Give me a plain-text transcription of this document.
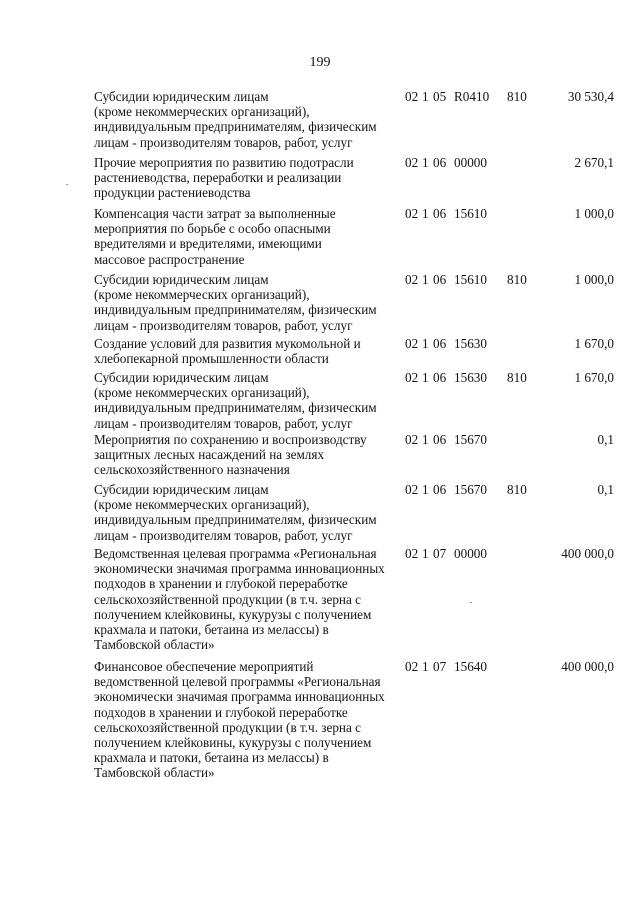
199
Субсидии юридическим лицам
(кроме некоммерческих организаций),
индивидуальным предпринимателям, физическим
лицам - производителям товаров, работ, услуг
02 1 05 R0410	810	30 530,4
Прочие мероприятия по развитию подотрасли
растениеводства, переработки и реализации
продукции растениеводства
02 1 06 00000	2 670,1
Компенсация части затрат за выполненные
мероприятия по борьбе с особо опасными
вредителями и вредителями, имеющими
массовое распространение
02 1 06 15610	1 000,0
Субсидии юридическим лицам
(кроме некоммерческих организаций),
индивидуальным предпринимателям, физическим
лицам - производителям товаров, работ, услуг
02 1 06 15610	810	1 000,0
Создание условий для развития мукомольной и
хлебопекарной промышленности области
02 1 06 15630	1 670,0
Субсидии юридическим лицам
(кроме некоммерческих организаций),
индивидуальным предпринимателям, физическим
лицам - производителям товаров, работ, услуг
02 1 06 15630	810	1 670,0
Мероприятия по сохранению и воспроизводству
защитных лесных насаждений на землях
сельскохозяйственного назначения
02 1 06 15670	0,1
Субсидии юридическим лицам
(кроме некоммерческих организаций),
индивидуальным предпринимателям, физическим
лицам - производителям товаров, работ, услуг
02 1 06 15670	810	0,1
Ведомственная целевая программа «Региональная
экономически значимая программа инновационных
подходов в хранении и глубокой переработке
сельскохозяйственной продукции (в т.ч. зерна с
получением клейковины, кукурузы с получением
крахмала и патоки, бетаина из мелассы) в
Тамбовской области»
02 1 07 00000	400 000,0
Финансовое обеспечение мероприятий
ведомственной целевой программы «Региональная
экономически значимая программа инновационных
подходов в хранении и глубокой переработке
сельскохозяйственной продукции (в т.ч. зерна с
получением клейковины, кукурузы с получением
крахмала и патоки, бетаина из мелассы) в
Тамбовской области»
02 1 07 15640	400 000,0
